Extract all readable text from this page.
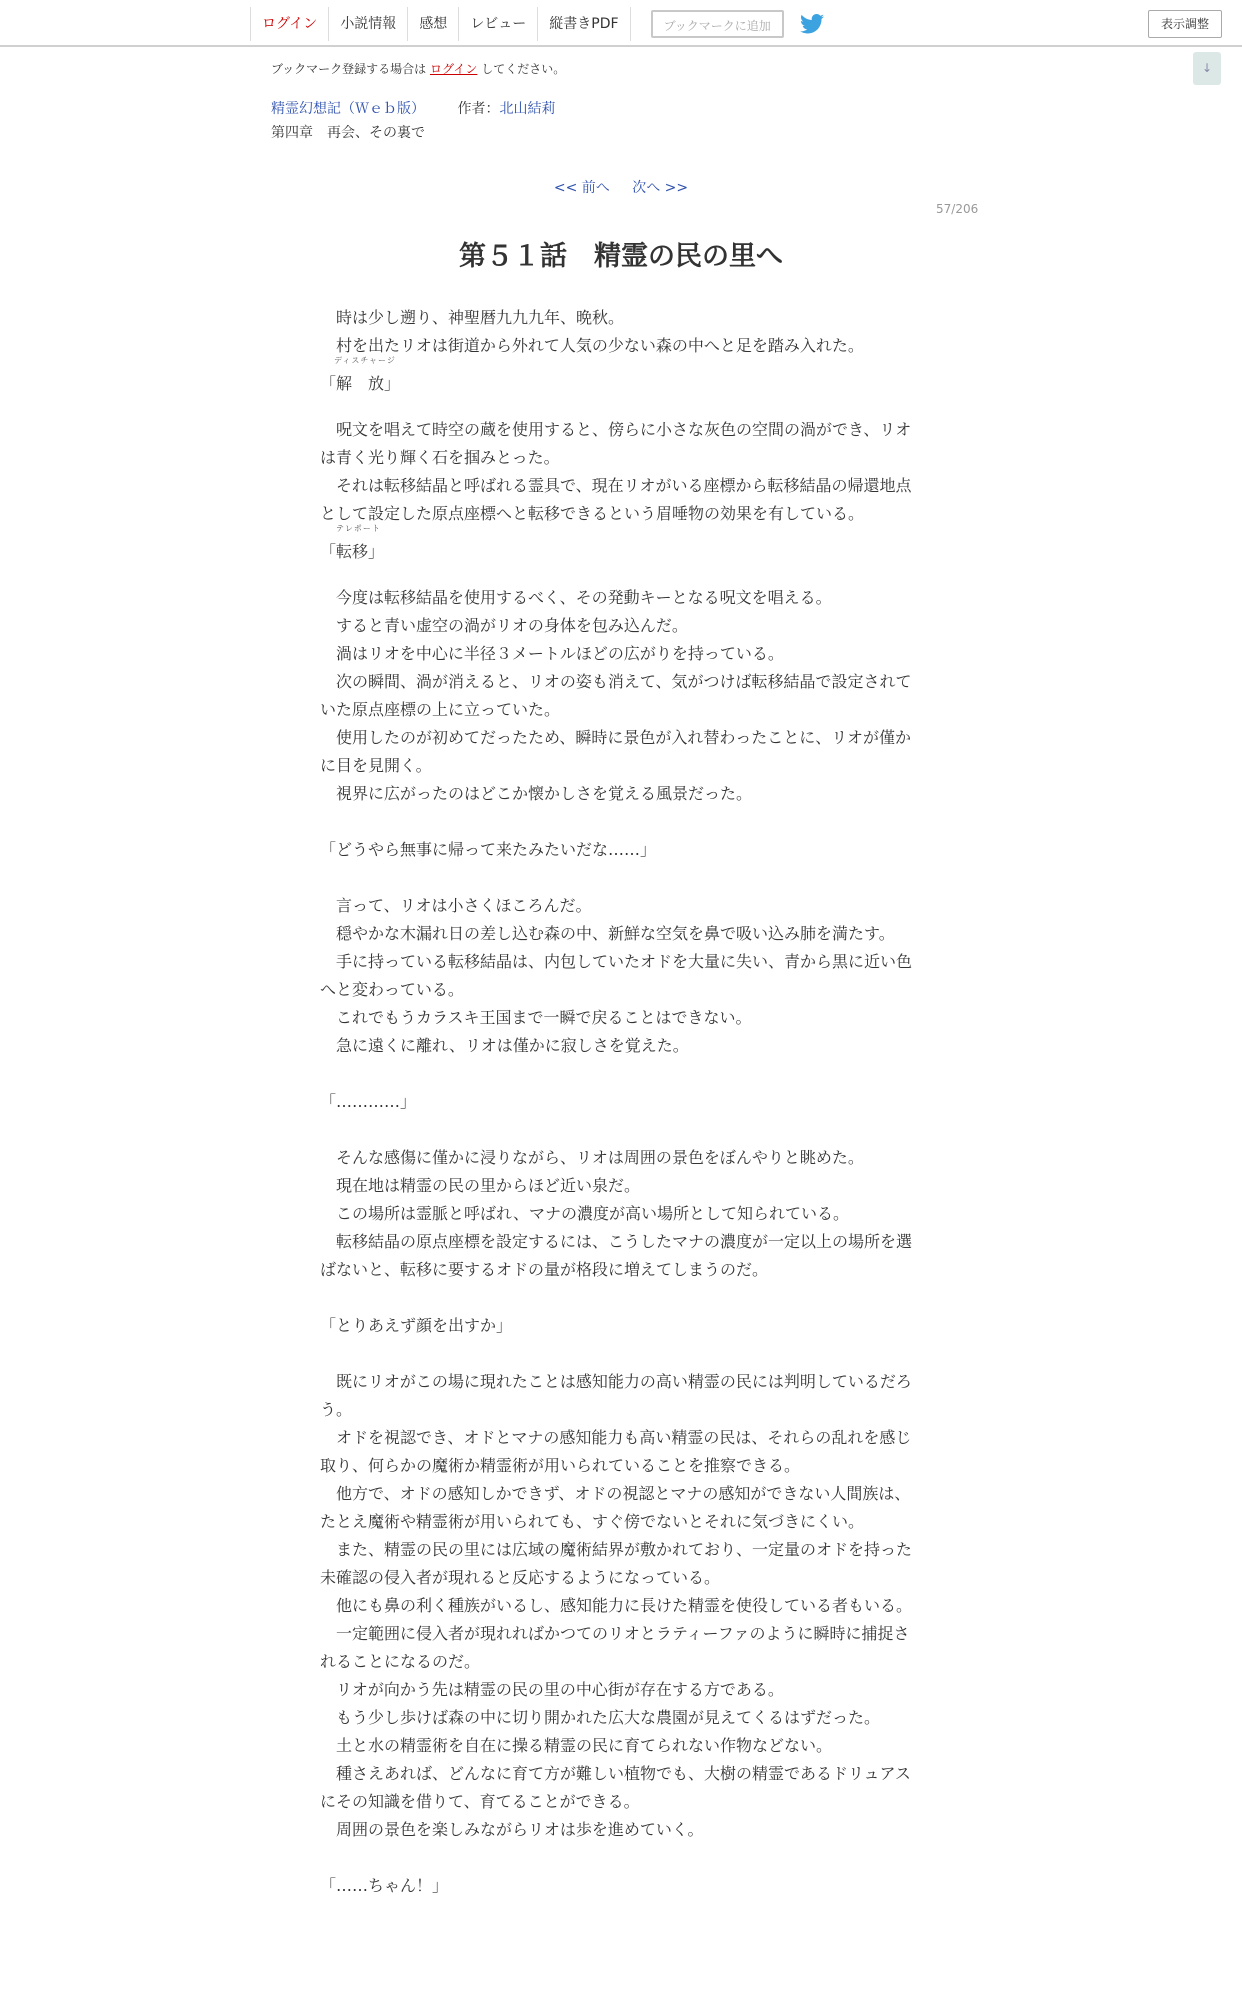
ログイン	小説情報	感想	レビュー	縦書きPDF	ブックマークに追加	表示調整
↓
ブックマーク登録する場合は ログイン してください。
精霊幻想記（Ｗｅｂ版） 作者：北山結莉
第四章　再会、その裏で
<< 前へ 次へ >>
57/206
第５１話　精霊の民の里へ
　時は少し遡り、神聖暦九九九年、晩秋。
　村を出たリオは街道から外れて人気の少ない森の中へと足を踏み入れた。
「
ディスチャージ
解　放」
　呪文を唱えて時空の蔵を使用すると、傍らに小さな灰色の空間の渦ができ、リオ
は青く光り輝く石を掴みとった。
　それは転移結晶と呼ばれる霊具で、現在リオがいる座標から転移結晶の帰還地点
として設定した原点座標へと転移できるという眉唾物の効果を有している。
「
テレポート
転移」
　今度は転移結晶を使用するべく、その発動キーとなる呪文を唱える。
　すると青い虚空の渦がリオの身体を包み込んだ。
　渦はリオを中心に半径３メートルほどの広がりを持っている。
　次の瞬間、渦が消えると、リオの姿も消えて、気がつけば転移結晶で設定されて
いた原点座標の上に立っていた。
　使用したのが初めてだったため、瞬時に景色が入れ替わったことに、リオが僅か
に目を見開く。
　視界に広がったのはどこか懐かしさを覚える風景だった。
「どうやら無事に帰って来たみたいだな……」
　言って、リオは小さくほころんだ。
　穏やかな木漏れ日の差し込む森の中、新鮮な空気を鼻で吸い込み肺を満たす。
　手に持っている転移結晶は、内包していたオドを大量に失い、青から黒に近い色
へと変わっている。
　これでもうカラスキ王国まで一瞬で戻ることはできない。
　急に遠くに離れ、リオは僅かに寂しさを覚えた。
「…………」
　そんな感傷に僅かに浸りながら、リオは周囲の景色をぼんやりと眺めた。
　現在地は精霊の民の里からほど近い泉だ。
　この場所は霊脈と呼ばれ、マナの濃度が高い場所として知られている。
　転移結晶の原点座標を設定するには、こうしたマナの濃度が一定以上の場所を選
ばないと、転移に要するオドの量が格段に増えてしまうのだ。
「とりあえず顔を出すか」
　既にリオがこの場に現れたことは感知能力の高い精霊の民には判明しているだろ
う。
　オドを視認でき、オドとマナの感知能力も高い精霊の民は、それらの乱れを感じ
取り、何らかの魔術か精霊術が用いられていることを推察できる。
　他方で、オドの感知しかできず、オドの視認とマナの感知ができない人間族は、
たとえ魔術や精霊術が用いられても、すぐ傍でないとそれに気づきにくい。
　また、精霊の民の里には広域の魔術結界が敷かれており、一定量のオドを持った
未確認の侵入者が現れると反応するようになっている。
　他にも鼻の利く種族がいるし、感知能力に長けた精霊を使役している者もいる。
　一定範囲に侵入者が現れればかつてのリオとラティーファのように瞬時に捕捉さ
れることになるのだ。
　リオが向かう先は精霊の民の里の中心街が存在する方である。
　もう少し歩けば森の中に切り開かれた広大な農園が見えてくるはずだった。
　土と水の精霊術を自在に操る精霊の民に育てられない作物などない。
　種さえあれば、どんなに育て方が難しい植物でも、大樹の精霊であるドリュアス
にその知識を借りて、育てることができる。
　周囲の景色を楽しみながらリオは歩を進めていく。
「……ちゃん！」
